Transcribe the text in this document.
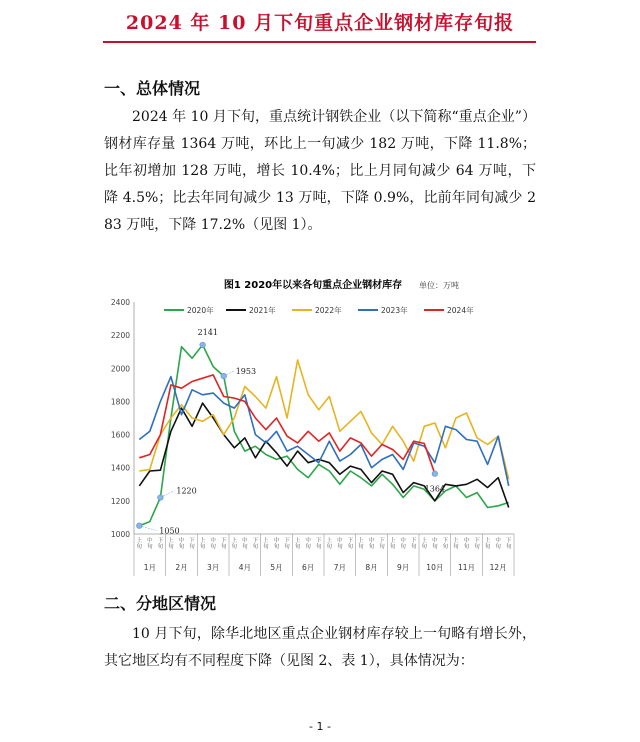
2024 年 10 月下旬重点企业钢材库存旬报
一、总体情况
2024 年 10 月下旬，重点统计钢铁企业（以下简称“重点企业”）钢材库存量 1364 万吨，环比上一旬减少 182 万吨，下降 11.8%；比年初增加 128 万吨，增长 10.4%；比上月同旬减少 64 万吨，下降 4.5%；比去年同旬减少 13 万吨，下降 0.9%，比前年同旬减少 283 万吨，下降 17.2%（见图 1）。
图1 2020年以来各旬重点企业钢材库存 单位：万吨
2020年	2021年	2022年	2023年	2024年
1000
1200
1400
1600
1800
2000
2200
2400
上旬
中旬
下旬
上旬
中旬
下旬
上旬
中旬
下旬
上旬
中旬
下旬
上旬
中旬
下旬
上旬
中旬
下旬
上旬
中旬
下旬
上旬
中旬
下旬
上旬
中旬
下旬
上旬
中旬
下旬
上旬
中旬
下旬
上旬
中旬
下旬
1月	2月	3月	4月	5月	6月	7月	8月	9月 10月 11月 12月
2141
1953
1220
1050
1364
二、分地区情况
10 月下旬，除华北地区重点企业钢材库存较上一旬略有增长外，其它地区均有不同程度下降（见图 2、表 1），具体情况为：
- 1 -
